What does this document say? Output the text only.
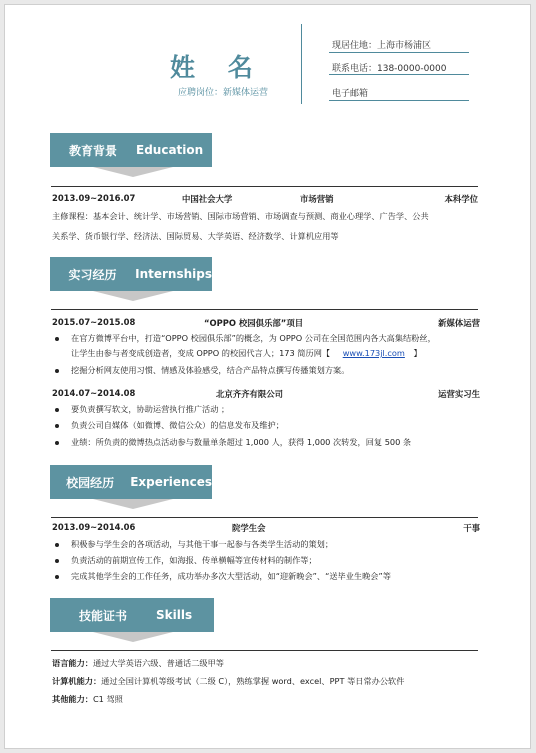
姓 名
应聘岗位：新媒体运营
现居住地：上海市杨浦区
联系电话：138-0000-0000
电子邮箱
教育背景	Education
2013.09~2016.07	中国社会大学	市场营销	本科学位
主修课程：基本会计、统计学、市场营销、国际市场营销、市场调查与预测、商业心理学、广告学、公共
关系学、货币银行学、经济法、国际贸易、大学英语、经济数学、计算机应用等
实习经历	Internships
2015.07~2015.08	“OPPO 校园俱乐部”项目	新媒体运营
在官方微博平台中，打造“OPPO 校园俱乐部”的概念，为 OPPO 公司在全国范围内各大高集结粉丝，
让学生由参与者变成创造者，变成 OPPO 的校园代言人；173 简历网【 www.173jl.com 】
挖掘分析网友使用习惯、情感及体验感受，结合产品特点撰写传播策划方案。
2014.07~2014.08	北京齐齐有限公司	运营实习生
要负责撰写软文，协助运营执行推广活动 ；
负责公司自媒体（如微博、微信公众）的信息发布及维护；
业绩：所负责的微博热点活动参与数量单条超过 1,000 人，获得 1,000 次转发，回复 500 条
校园经历	Experiences
2013.09~2014.06	院学生会	干事
积极参与学生会的各项活动，与其他干事一起参与各类学生活动的策划；
负责活动的前期宣传工作，如海报、传单横幅等宣传材料的制作等；
完成其他学生会的工作任务，成功举办多次大型活动，如“迎新晚会”、“送毕业生晚会”等
技能证书	Skills
语言能力：通过大学英语六级、普通话二级甲等
计算机能力：通过全国计算机等级考试（二级 C），熟练掌握 word、excel、PPT 等日常办公软件
其他能力：C1 驾照
